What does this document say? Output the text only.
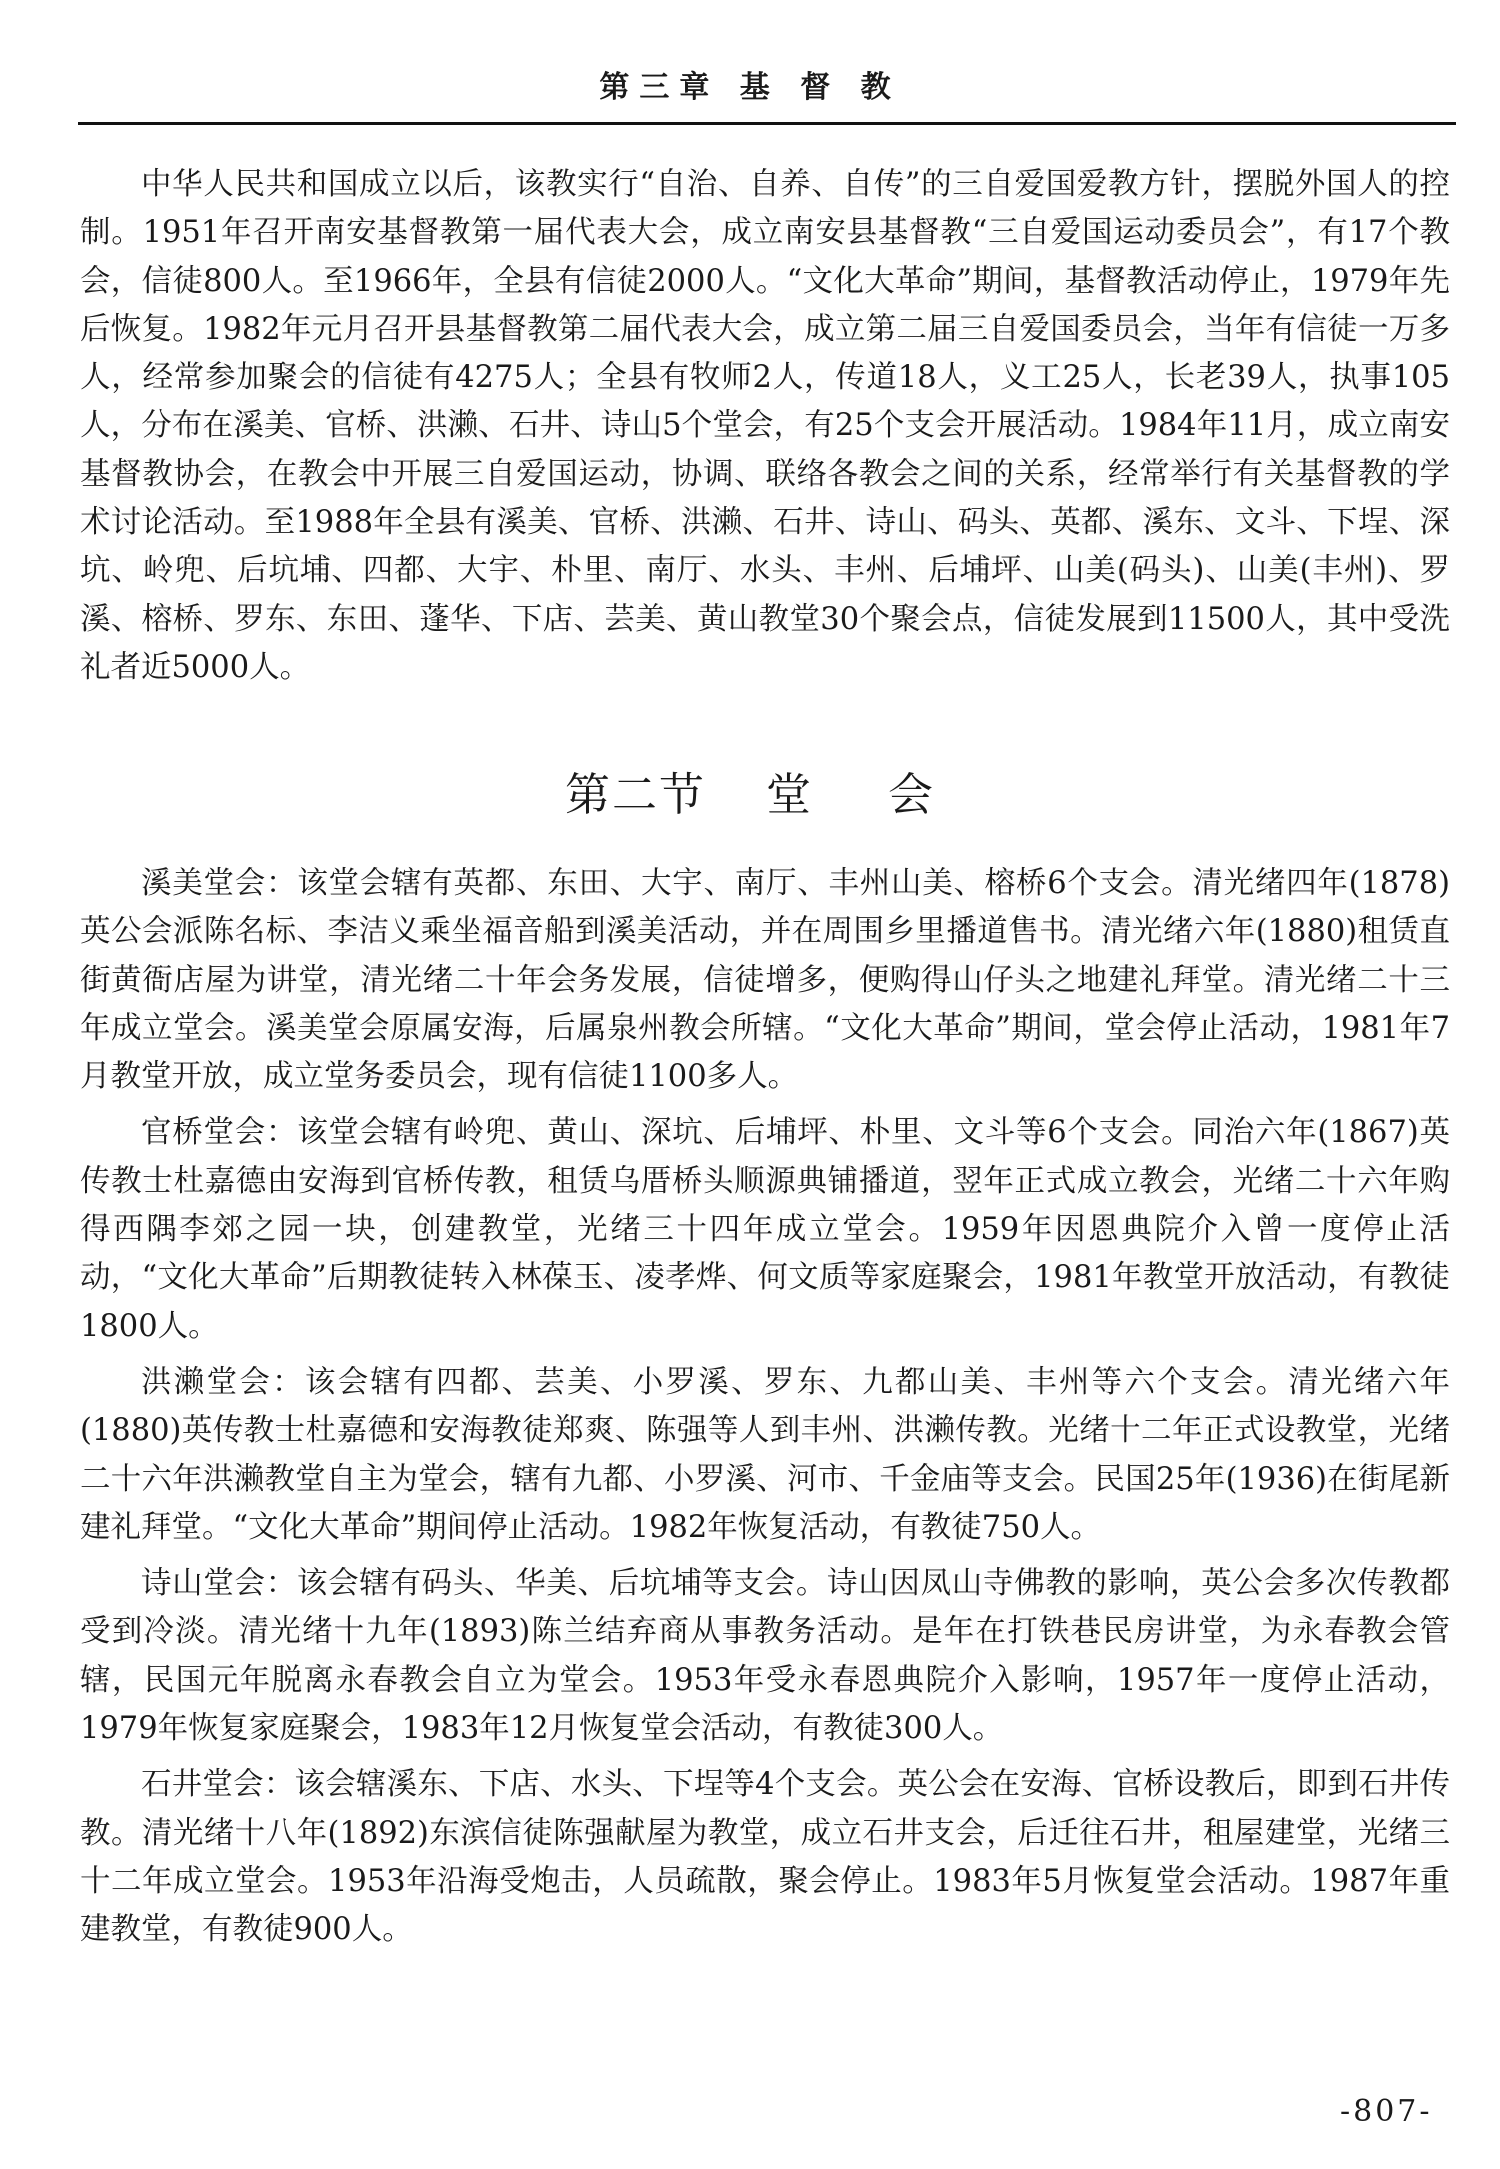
第三章 基 督 教

中华人民共和国成立以后，该教实行“自治、自养、自传”的三自爱国爱教方针，摆脱外国人的控制。1951年召开南安基督教第一届代表大会，成立南安县基督教“三自爱国运动委员会”，有17个教会，信徒800人。至1966年，全县有信徒2000人。“文化大革命”期间，基督教活动停止，1979年先后恢复。1982年元月召开县基督教第二届代表大会，成立第二届三自爱国委员会，当年有信徒一万多人，经常参加聚会的信徒有4275人；全县有牧师2人，传道18人，义工25人，长老39人，执事105人，分布在溪美、官桥、洪濑、石井、诗山5个堂会，有25个支会开展活动。1984年11月，成立南安基督教协会，在教会中开展三自爱国运动，协调、联络各教会之间的关系，经常举行有关基督教的学术讨论活动。至1988年全县有溪美、官桥、洪濑、石井、诗山、码头、英都、溪东、文斗、下埕、深坑、岭兜、后坑埔、四都、大宇、朴里、南厅、水头、丰州、后埔坪、山美(码头)、山美(丰州)、罗溪、榕桥、罗东、东田、蓬华、下店、芸美、黄山教堂30个聚会点，信徒发展到11500人，其中受洗礼者近5000人。

第二节 堂 会

溪美堂会：该堂会辖有英都、东田、大宇、南厅、丰州山美、榕桥6个支会。清光绪四年(1878)英公会派陈名标、李洁义乘坐福音船到溪美活动，并在周围乡里播道售书。清光绪六年(1880)租赁直街黄衙店屋为讲堂，清光绪二十年会务发展，信徒增多，便购得山仔头之地建礼拜堂。清光绪二十三年成立堂会。溪美堂会原属安海，后属泉州教会所辖。“文化大革命”期间，堂会停止活动，1981年7月教堂开放，成立堂务委员会，现有信徒1100多人。

官桥堂会：该堂会辖有岭兜、黄山、深坑、后埔坪、朴里、文斗等6个支会。同治六年(1867)英传教士杜嘉德由安海到官桥传教，租赁乌厝桥头顺源典铺播道，翌年正式成立教会，光绪二十六年购得西隅李郊之园一块，创建教堂，光绪三十四年成立堂会。1959年因恩典院介入曾一度停止活动，“文化大革命”后期教徒转入林葆玉、凌孝烨、何文质等家庭聚会，1981年教堂开放活动，有教徒1800人。

洪濑堂会：该会辖有四都、芸美、小罗溪、罗东、九都山美、丰州等六个支会。清光绪六年(1880)英传教士杜嘉德和安海教徒郑爽、陈强等人到丰州、洪濑传教。光绪十二年正式设教堂，光绪二十六年洪濑教堂自主为堂会，辖有九都、小罗溪、河市、千金庙等支会。民国25年(1936)在街尾新建礼拜堂。“文化大革命”期间停止活动。1982年恢复活动，有教徒750人。

诗山堂会：该会辖有码头、华美、后坑埔等支会。诗山因凤山寺佛教的影响，英公会多次传教都受到冷淡。清光绪十九年(1893)陈兰结弃商从事教务活动。是年在打铁巷民房讲堂，为永春教会管辖，民国元年脱离永春教会自立为堂会。1953年受永春恩典院介入影响，1957年一度停止活动，1979年恢复家庭聚会，1983年12月恢复堂会活动，有教徒300人。

石井堂会：该会辖溪东、下店、水头、下埕等4个支会。英公会在安海、官桥设教后，即到石井传教。清光绪十八年(1892)东滨信徒陈强献屋为教堂，成立石井支会，后迁往石井，租屋建堂，光绪三十二年成立堂会。1953年沿海受炮击，人员疏散，聚会停止。1983年5月恢复堂会活动。1987年重建教堂，有教徒900人。

-807-
